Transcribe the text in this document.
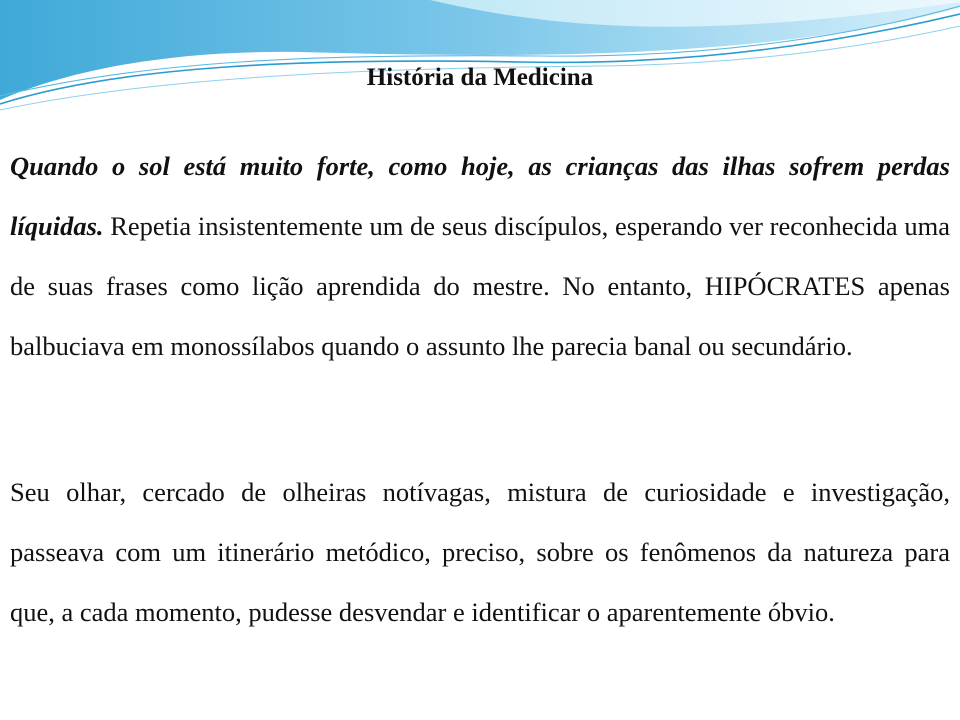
História da Medicina

Quando o sol está muito forte, como hoje, as crianças das ilhas sofrem perdas líquidas. Repetia insistentemente um de seus discípulos, esperando ver reconhecida uma de suas frases como lição aprendida do mestre. No entanto, HIPÓCRATES apenas balbuciava em monossílabos quando o assunto lhe parecia banal ou secundário.

Seu olhar, cercado de olheiras notívagas, mistura de curiosidade e investigação, passeava com um itinerário metódico, preciso, sobre os fenômenos da natureza para que, a cada momento, pudesse desvendar e identificar o aparentemente óbvio.
